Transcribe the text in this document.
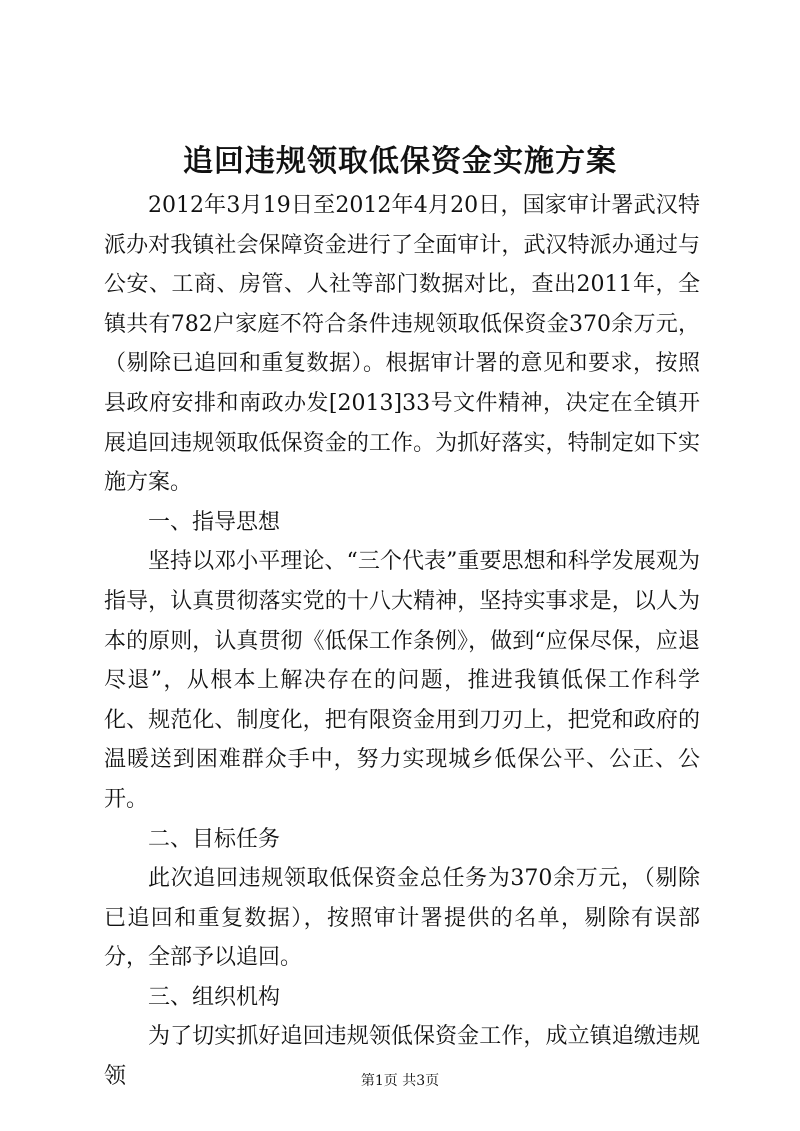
追回违规领取低保资金实施方案

2012年3月19日至2012年4月20日，国家审计署武汉特派办对我镇社会保障资金进行了全面审计，武汉特派办通过与公安、工商、房管、人社等部门数据对比，查出2011年，全镇共有782户家庭不符合条件违规领取低保资金370余万元，（剔除已追回和重复数据）。根据审计署的意见和要求，按照县政府安排和南政办发[2013]33号文件精神，决定在全镇开展追回违规领取低保资金的工作。为抓好落实，特制定如下实施方案。

一、指导思想

坚持以邓小平理论、“三个代表”重要思想和科学发展观为指导，认真贯彻落实党的十八大精神，坚持实事求是，以人为本的原则，认真贯彻《低保工作条例》，做到“应保尽保，应退尽退”，从根本上解决存在的问题，推进我镇低保工作科学化、规范化、制度化，把有限资金用到刀刃上，把党和政府的温暖送到困难群众手中，努力实现城乡低保公平、公正、公开。

二、目标任务

此次追回违规领取低保资金总任务为370余万元，（剔除已追回和重复数据），按照审计署提供的名单，剔除有误部分，全部予以追回。

三、组织机构

为了切实抓好追回违规领低保资金工作，成立镇追缴违规领	第1页 共3页
